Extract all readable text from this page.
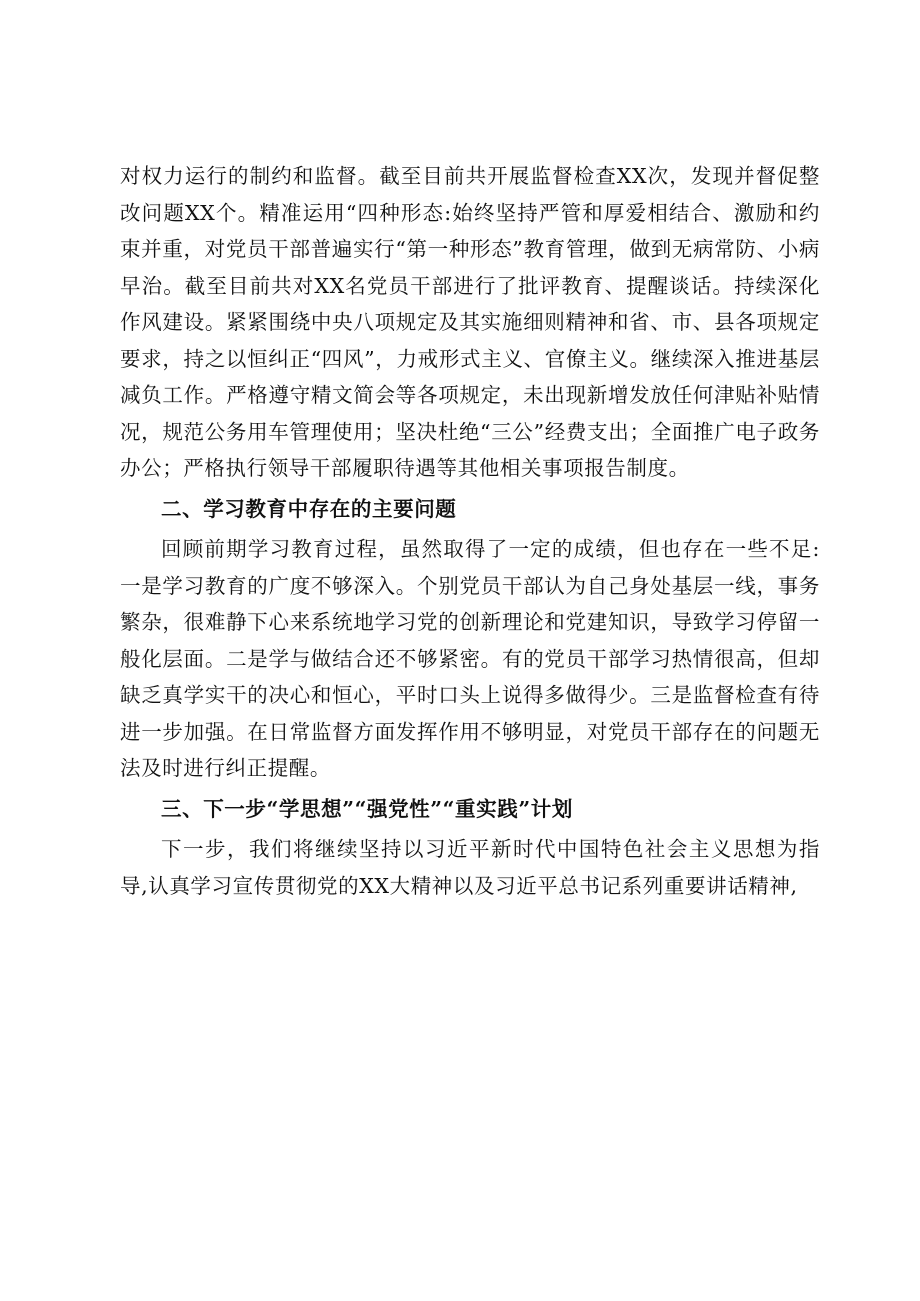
对权力运行的制约和监督。截至目前共开展监督检查XX次，发现并督促整改问题XX个。精准运用“四种形态:始终坚持严管和厚爱相结合、激励和约束并重，对党员干部普遍实行“第一种形态”教育管理，做到无病常防、小病早治。截至目前共对XX名党员干部进行了批评教育、提醒谈话。持续深化作风建设。紧紧围绕中央八项规定及其实施细则精神和省、市、县各项规定要求，持之以恒纠正“四风”，力戒形式主义、官僚主义。继续深入推进基层减负工作。严格遵守精文简会等各项规定，未出现新增发放任何津贴补贴情况，规范公务用车管理使用；坚决杜绝“三公”经费支出；全面推广电子政务办公；严格执行领导干部履职待遇等其他相关事项报告制度。

二、学习教育中存在的主要问题

回顾前期学习教育过程，虽然取得了一定的成绩，但也存在一些不足:一是学习教育的广度不够深入。个别党员干部认为自己身处基层一线，事务繁杂，很难静下心来系统地学习党的创新理论和党建知识，导致学习停留一般化层面。二是学与做结合还不够紧密。有的党员干部学习热情很高，但却缺乏真学实干的决心和恒心，平时口头上说得多做得少。三是监督检查有待进一步加强。在日常监督方面发挥作用不够明显，对党员干部存在的问题无法及时进行纠正提醒。

三、下一步“学思想”“强党性”“重实践”计划

下一步，我们将继续坚持以习近平新时代中国特色社会主义思想为指导,认真学习宣传贯彻党的XX大精神以及习近平总书记系列重要讲话精神,
